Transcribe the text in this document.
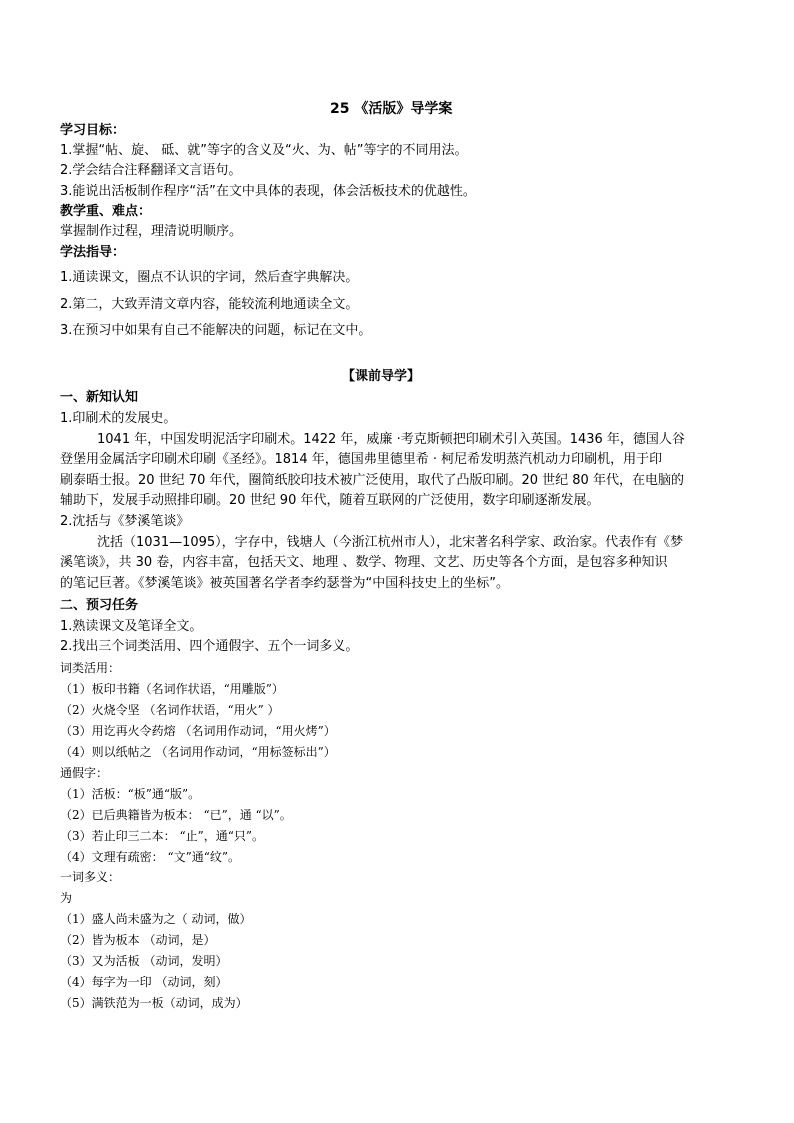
25 《活版》导学案
学习目标：
1.掌握“帖、旋、 砥、就”等字的含义及“火、为、帖”等字的不同用法。
2.学会结合注释翻译文言语句。
3.能说出活板制作程序“活”在文中具体的表现，体会活板技术的优越性。
教学重、难点：
掌握制作过程，理清说明顺序。
学法指导：
1.通读课文，圈点不认识的字词，然后查字典解决。
2.第二，大致弄清文章内容，能较流利地通读全文。
3.在预习中如果有自己不能解决的问题，标记在文中。
【课前导学】
一、新知认知
1.印刷术的发展史。
1041 年，中国发明泥活字印刷术。1422 年，威廉 ·考克斯顿把印刷术引入英国。1436 年，德国人谷
登堡用金属活字印刷术印刷《圣经》。1814 年，德国弗里德里希 · 柯尼希发明蒸汽机动力印刷机，用于印
刷泰晤士报。20 世纪 70 年代，圈简纸胶印技术被广泛使用，取代了凸版印刷。20 世纪 80 年代，在电脑的
辅助下，发展手动照排印刷。20 世纪 90 年代，随着互联网的广泛使用，数字印刷逐渐发展。
2.沈括与《梦溪笔谈》
沈括（1031—1095），字存中，钱塘人（今浙江杭州市人），北宋著名科学家、政治家。代表作有《梦
溪笔谈》，共 30 卷，内容丰富，包括天文、地理 、数学、物理、文艺、历史等各个方面，是包容多种知识
的笔记巨著。《梦溪笔谈》被英国著名学者李约瑟誉为“中国科技史上的坐标”。
二、预习任务
1.熟读课文及笔译全文。
2.找出三个词类活用、四个通假字、五个一词多义。
词类活用：
（1）板印书籍（名词作状语，“用雕版”）
（2）火烧令坚 （名词作状语，“用火” ）
（3）用讫再火令药熔 （名词用作动词，“用火烤”）
（4）则以纸帖之 （名词用作动词，“用标签标出”）
通假字：
（1）活板：“板”通“版”。
（2）已后典籍皆为板本： “已”，通 “以”。
（3）若止印三二本： “止”，通“只”。
（4）文理有疏密： “文”通“纹”。
一词多义：
为
（1）盛人尚未盛为之（ 动词，做）
（2）皆为板本 （动词，是）
（3）又为活板 （动词，发明）
（4）每字为一印 （动词，刻）
（5）满铁范为一板（动词，成为）
